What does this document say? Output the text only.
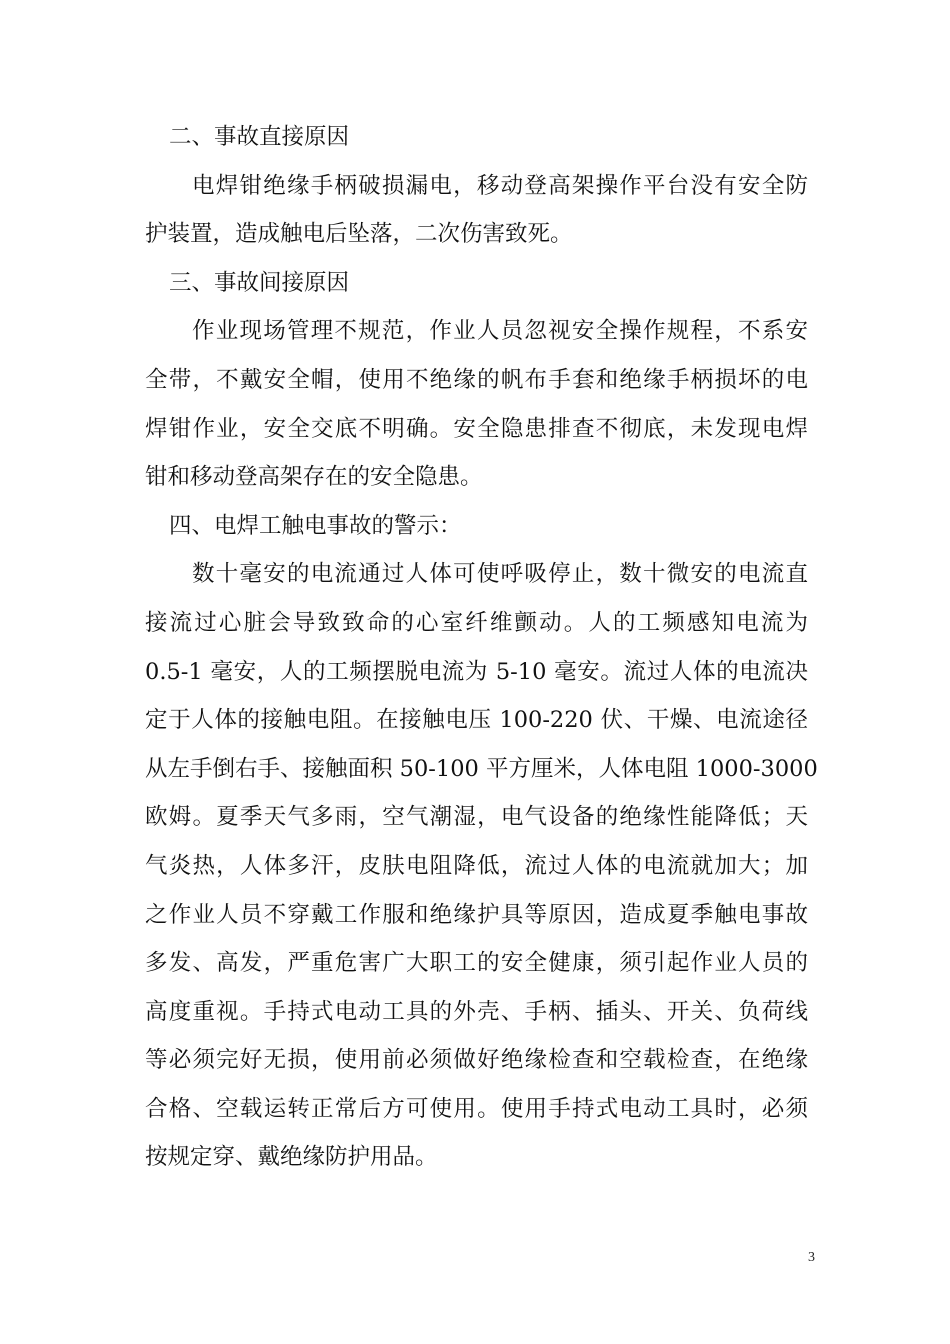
二、事故直接原因
电焊钳绝缘手柄破损漏电，移动登高架操作平台没有安全防
护装置，造成触电后坠落，二次伤害致死。
三、事故间接原因
作业现场管理不规范，作业人员忽视安全操作规程，不系安
全带，不戴安全帽，使用不绝缘的帆布手套和绝缘手柄损坏的电
焊钳作业，安全交底不明确。安全隐患排查不彻底，未发现电焊
钳和移动登高架存在的安全隐患。
四、电焊工触电事故的警示：
数十毫安的电流通过人体可使呼吸停止，数十微安的电流直
接流过心脏会导致致命的心室纤维颤动。人的工频感知电流为
0.5-1 毫安，人的工频摆脱电流为 5-10 毫安。流过人体的电流决
定于人体的接触电阻。在接触电压 100-220 伏、干燥、电流途径
从左手倒右手、接触面积 50-100 平方厘米，人体电阻 1000-3000
欧姆。夏季天气多雨，空气潮湿，电气设备的绝缘性能降低；天
气炎热，人体多汗，皮肤电阻降低，流过人体的电流就加大；加
之作业人员不穿戴工作服和绝缘护具等原因，造成夏季触电事故
多发、高发，严重危害广大职工的安全健康，须引起作业人员的
高度重视。手持式电动工具的外壳、手柄、插头、开关、负荷线
等必须完好无损，使用前必须做好绝缘检查和空载检查，在绝缘
合格、空载运转正常后方可使用。使用手持式电动工具时，必须
按规定穿、戴绝缘防护用品。
3
